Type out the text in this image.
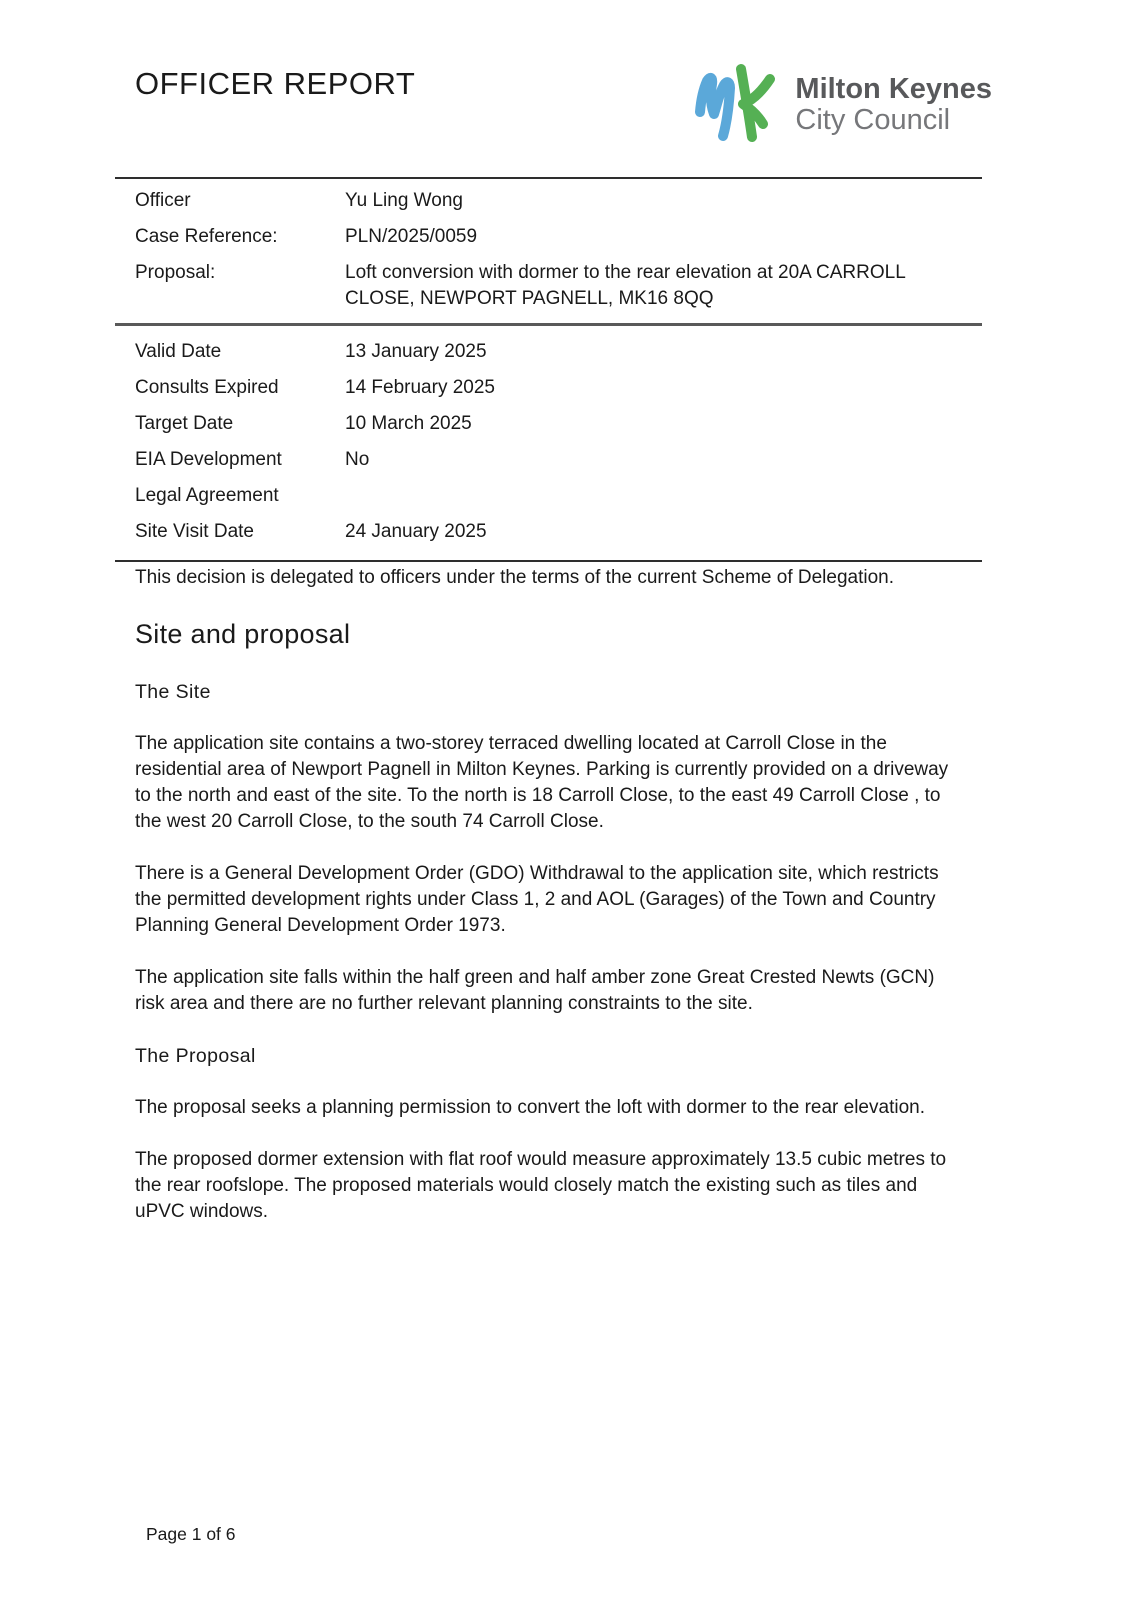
OFFICER REPORT	Milton Keynes
City Council
Officer	Yu Ling Wong
Case Reference:	PLN/2025/0059
Proposal:	Loft conversion with dormer to the rear elevation at 20A CARROLL CLOSE, NEWPORT PAGNELL, MK16 8QQ
Valid Date	13 January 2025
Consults Expired	14 February 2025
Target Date	10 March 2025
EIA Development	No
Legal Agreement
Site Visit Date	24 January 2025

This decision is delegated to officers under the terms of the current Scheme of Delegation.

Site and proposal
The Site

The application site contains a two-storey terraced dwelling located at Carroll Close in the residential area of Newport Pagnell in Milton Keynes. Parking is currently provided on a driveway to the north and east of the site. To the north is 18 Carroll Close, to the east 49 Carroll Close , to the west 20 Carroll Close, to the south 74 Carroll Close.

There is a General Development Order (GDO) Withdrawal to the application site, which restricts the permitted development rights under Class 1, 2 and AOL (Garages) of the Town and Country Planning General Development Order 1973.

The application site falls within the half green and half amber zone Great Crested Newts (GCN) risk area and there are no further relevant planning constraints to the site.

The Proposal

The proposal seeks a planning permission to convert the loft with dormer to the rear elevation.

The proposed dormer extension with flat roof would measure approximately 13.5 cubic metres to the rear roofslope. The proposed materials would closely match the existing such as tiles and uPVC windows.

Page 1 of 6
